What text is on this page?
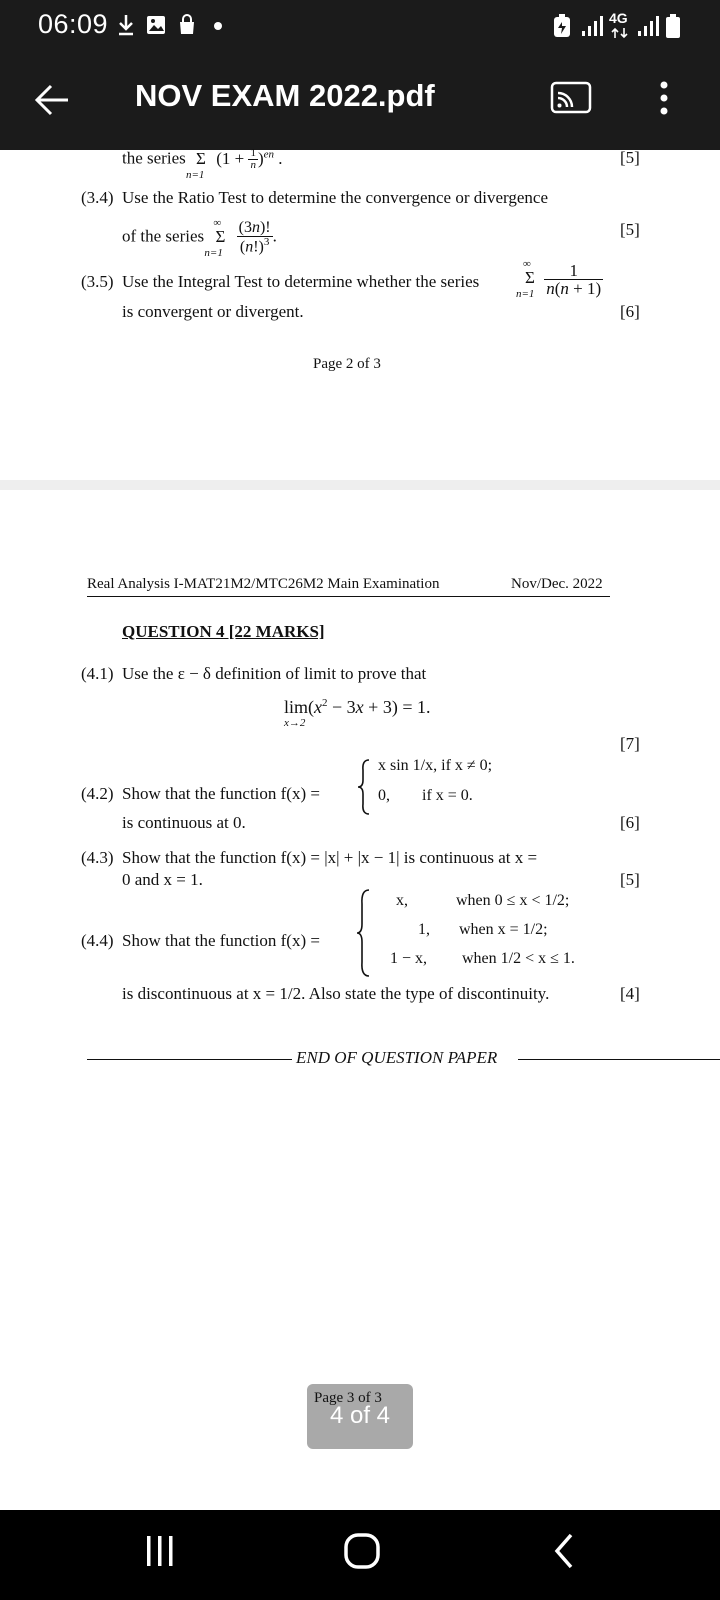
06:09	4G
NOV EXAM 2022.pdf
the series Σ
n=1
$(1 + \frac{1}{n} )^{en}$ .	[5]
(3.4) Use the Ratio Test to determine the convergence or divergence
of the series Σ
∞
n=1
$\frac{(3n)!}{(n!)^3}$ .	[5]
(3.5) Use the Integral Test to determine whether the series	Σ
∞
n=1
$\frac{1}{n(n + 1)}$
is convergent or divergent.	[6]
Page 2 of 3
Real Analysis I-MAT21M2/MTC26M2 Main Examination	Nov/Dec. 2022
QUESTION 4 [22 MARKS]
(4.1) Use the ε − δ definition of limit to prove that
lim
x→2
$(x^2 - 3x + 3) = 1$.
[7]
(4.2) Show that the function f(x) =
x sin 1/x, if x ≠ 0;
0,        if x = 0.
is continuous at 0.	[6]
(4.3) Show that the function f(x) = |x| + |x − 1| is continuous at x =
0 and x = 1.	[5]
(4.4) Show that the function f(x) =
x,	when 0 ≤ x < 1/2;
1, when x = 1/2;
1 − x, when 1/2 < x ≤ 1.
is discontinuous at x = 1/2. Also state the type of discontinuity.	[4]
END OF QUESTION PAPER
Page 3 of 3
4 of 4
